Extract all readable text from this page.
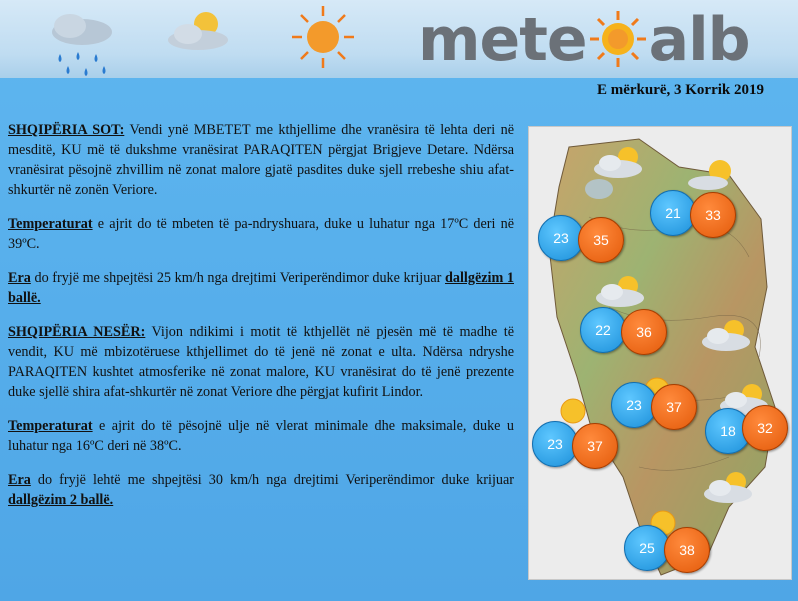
mete alb
E mërkurë, 3 Korrik 2019

SHQIPËRIA SOT: Vendi ynë MBETET me kthjellime dhe vranësira të lehta deri në mesditë, KU më të dukshme vranësirat PARAQITEN përgjat Brigjeve Detare. Ndërsa vranësirat pësojnë zhvillim në zonat malore gjatë pasdites duke sjell rrebeshe shiu afat-shkurtër në zonën Veriore.

Temperaturat e ajrit do të mbeten të pa-ndryshuara, duke u luhatur nga 17ºC deri në 39ºC.

Era do fryjë me shpejtësi 25 km/h nga drejtimi Veriperëndimor duke krijuar dallgëzim 1 ballë.

SHQIPËRIA NESËR: Vijon ndikimi i motit të kthjellët në pjesën më të madhe të vendit, KU më mbizotëruese kthjellimet do të jenë në zonat e ulta. Ndërsa ndryshe PARAQITEN kushtet atmosferike në zonat malore, KU vranësirat do të jenë prezente duke sjellë shira afat-shkurtër në zonat Veriore dhe përgjat kufirit Lindor.

Temperaturat e ajrit do të pësojnë ulje në vlerat minimale dhe maksimale, duke u luhatur nga 16ºC deri në 38ºC.

Era do fryjë lehtë me shpejtësi 30 km/h nga drejtimi Veriperëndimor duke krijuar dallgëzim 2 ballë.

21	33
23	35
22	36
23	37
23	37
18	32
25	38
